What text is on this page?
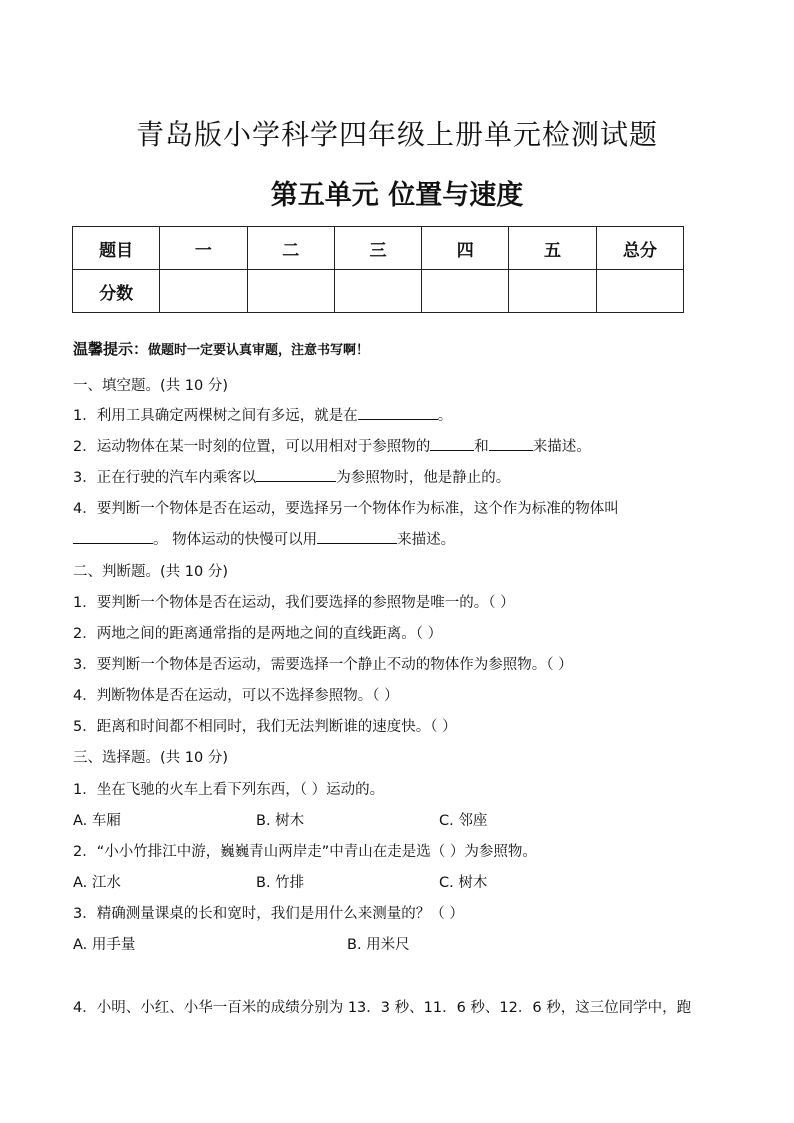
青岛版小学科学四年级上册单元检测试题
第五单元 位置与速度
题目	一	二	三	四	五	总分
分数						
温馨提示：做题时一定要认真审题，注意书写啊！
一、填空题。(共 10 分)
1．利用工具确定两棵树之间有多远，就是在	。
2．运动物体在某一时刻的位置，可以用相对于参照物的	和	来描述。
3．正在行驶的汽车内乘客以	为参照物时，他是静止的。
4．要判断一个物体是否在运动，要选择另一个物体作为标准，这个作为标准的物体叫
。 物体运动的快慢可以用	来描述。
二、判断题。(共 10 分)
1．要判断一个物体是否在运动，我们要选择的参照物是唯一的。（ ）
2．两地之间的距离通常指的是两地之间的直线距离。（ ）
3．要判断一个物体是否运动，需要选择一个静止不动的物体作为参照物。（ ）
4．判断物体是否在运动，可以不选择参照物。（ ）
5．距离和时间都不相同时，我们无法判断谁的速度快。（ ）
三、选择题。(共 10 分)
1．坐在飞驰的火车上看下列东西，（ ）运动的。
A. 车厢	B. 树木	C. 邻座
2．“小小竹排江中游，巍巍青山两岸走”中青山在走是选（ ）为参照物。
A. 江水	B. 竹排	C. 树木
3．精确测量课桌的长和宽时，我们是用什么来测量的？（ ）
A. 用手量	B. 用米尺
4．小明、小红、小华一百米的成绩分别为 13．3 秒、11．6 秒、12．6 秒，这三位同学中，跑
